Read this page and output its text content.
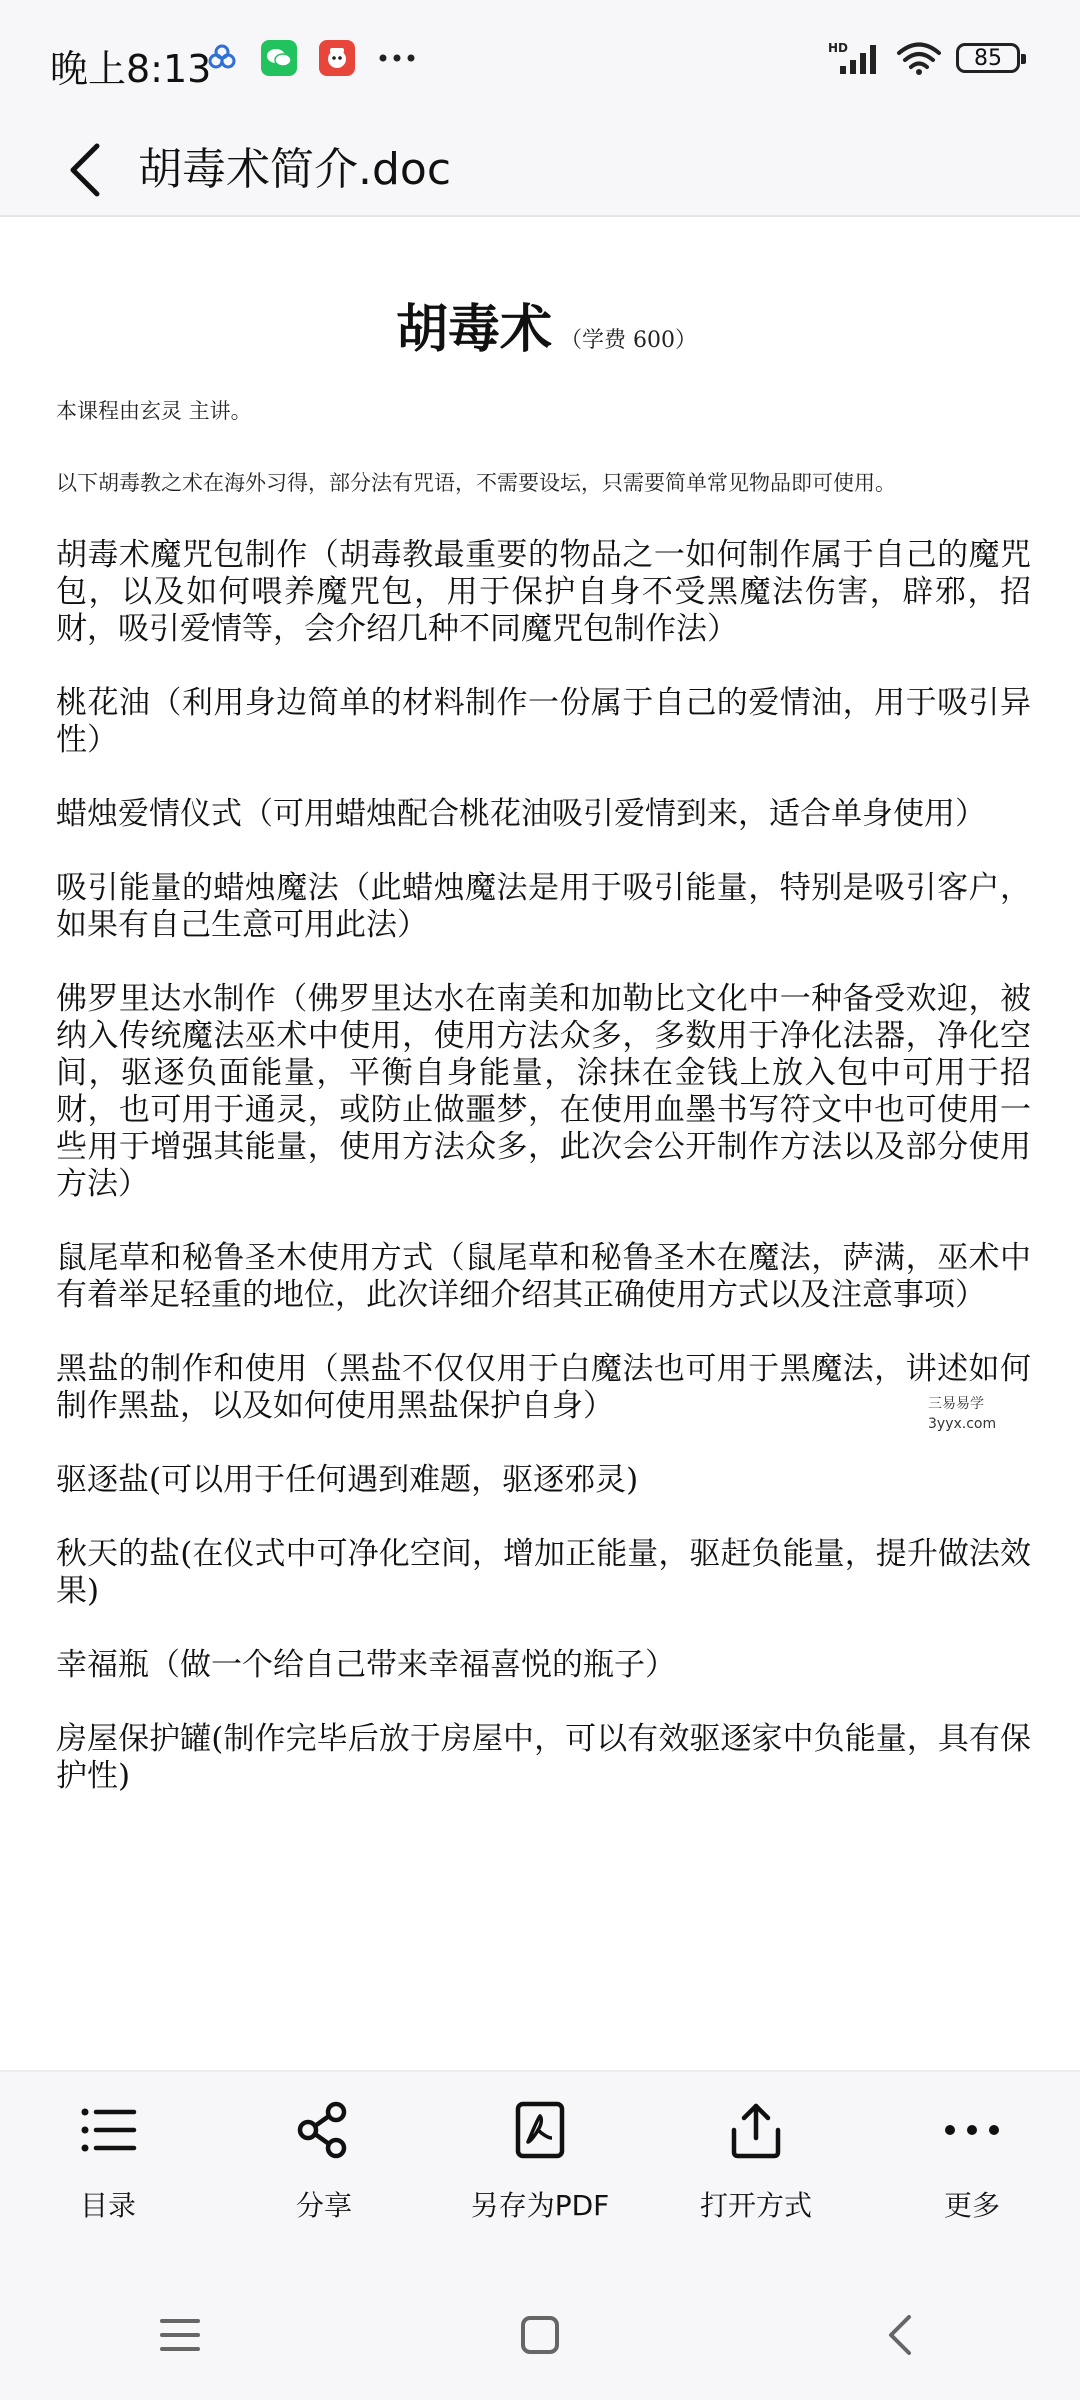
晚上8:13	HD	85
胡毒术简介.doc
胡毒术 （学费 600）
本课程由玄灵 主讲。
以下胡毒教之术在海外习得，部分法有咒语，不需要设坛，只需要简单常见物品即可使用。
胡毒术魔咒包制作（胡毒教最重要的物品之一如何制作属于自己的魔咒包，以及如何喂养魔咒包，用于保护自身不受黑魔法伤害，辟邪，招财，吸引爱情等，会介绍几种不同魔咒包制作法）
桃花油（利用身边简单的材料制作一份属于自己的爱情油，用于吸引异性）
蜡烛爱情仪式（可用蜡烛配合桃花油吸引爱情到来，适合单身使用）
吸引能量的蜡烛魔法（此蜡烛魔法是用于吸引能量，特别是吸引客户，如果有自己生意可用此法）
佛罗里达水制作（佛罗里达水在南美和加勒比文化中一种备受欢迎，被纳入传统魔法巫术中使用，使用方法众多，多数用于净化法器，净化空间，驱逐负面能量，平衡自身能量，涂抹在金钱上放入包中可用于招财，也可用于通灵，或防止做噩梦，在使用血墨书写符文中也可使用一些用于增强其能量，使用方法众多，此次会公开制作方法以及部分使用方法）
鼠尾草和秘鲁圣木使用方式（鼠尾草和秘鲁圣木在魔法，萨满，巫术中有着举足轻重的地位，此次详细介绍其正确使用方式以及注意事项）
黑盐的制作和使用（黑盐不仅仅用于白魔法也可用于黑魔法，讲述如何制作黑盐，以及如何使用黑盐保护自身）
驱逐盐(可以用于任何遇到难题，驱逐邪灵)
秋天的盐(在仪式中可净化空间，增加正能量，驱赶负能量，提升做法效果)
幸福瓶（做一个给自己带来幸福喜悦的瓶子）
房屋保护罐(制作完毕后放于房屋中，可以有效驱逐家中负能量，具有保护性)
三易易学
3yyx.com
目录	分享	另存为PDF	打开方式	更多
